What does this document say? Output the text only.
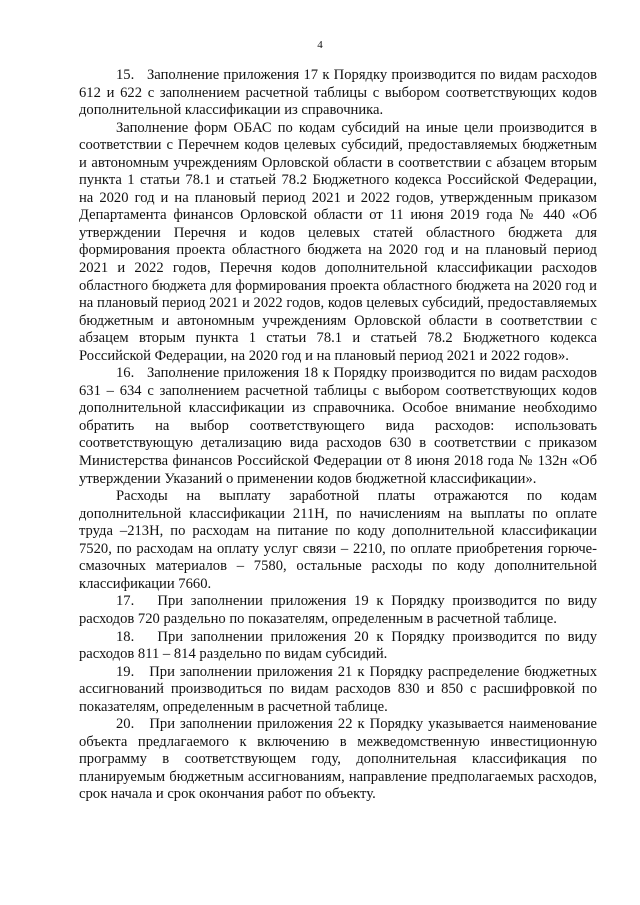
4

15.   Заполнение приложения 17 к Порядку производится по видам расходов 612 и 622 с заполнением расчетной таблицы с выбором соответствующих кодов дополнительной классификации из справочника.

Заполнение форм ОБАС по кодам субсидий на иные цели производится в соответствии с Перечнем кодов целевых субсидий, предоставляемых бюджетным и автономным учреждениям Орловской области в соответствии с абзацем вторым пункта 1 статьи 78.1 и статьей 78.2 Бюджетного кодекса Российской Федерации, на 2020 год и на плановый период 2021 и 2022 годов, утвержденным приказом Департамента финансов Орловской области от 11 июня 2019 года № 440 «Об утверждении Перечня и кодов целевых статей областного бюджета для формирования проекта областного бюджета на 2020 год и на плановый период 2021 и 2022 годов, Перечня кодов дополнительной классификации расходов областного бюджета для формирования проекта областного бюджета на 2020 год и на плановый период 2021 и 2022 годов, кодов целевых субсидий, предоставляемых бюджетным и автономным учреждениям Орловской области в соответствии с абзацем вторым пункта 1 статьи 78.1 и статьей 78.2 Бюджетного кодекса Российской Федерации, на 2020 год и на плановый период 2021 и 2022 годов».

16.   Заполнение приложения 18 к Порядку производится по видам расходов 631 – 634 с заполнением расчетной таблицы с выбором соответствующих кодов дополнительной классификации из справочника. Особое внимание необходимо обратить на выбор соответствующего вида расходов: использовать соответствующую детализацию вида расходов 630 в соответствии с приказом Министерства финансов Российской Федерации от 8 июня 2018 года № 132н «Об утверждении Указаний о применении кодов бюджетной классификации».

Расходы на выплату заработной платы отражаются по кодам дополнительной классификации 211Н, по начислениям на выплаты по оплате труда –213Н, по расходам на питание по коду дополнительной классификации 7520, по расходам на оплату услуг связи – 2210, по оплате приобретения горюче-смазочных материалов – 7580, остальные расходы по коду дополнительной классификации 7660.

17.   При заполнении приложения 19 к Порядку производится по виду расходов 720 раздельно по показателям, определенным в расчетной таблице.

18.   При заполнении приложения 20 к Порядку производится по виду расходов 811 – 814 раздельно по видам субсидий.

19.   При заполнении приложения 21 к Порядку распределение бюджетных ассигнований производиться по видам расходов 830 и 850 с расшифровкой по показателям, определенным в расчетной таблице.

20.   При заполнении приложения 22 к Порядку указывается наименование объекта предлагаемого к включению в межведомственную инвестиционную программу в соответствующем году, дополнительная классификация по планируемым бюджетным ассигнованиям, направление предполагаемых расходов, срок начала и срок окончания работ по объекту.
